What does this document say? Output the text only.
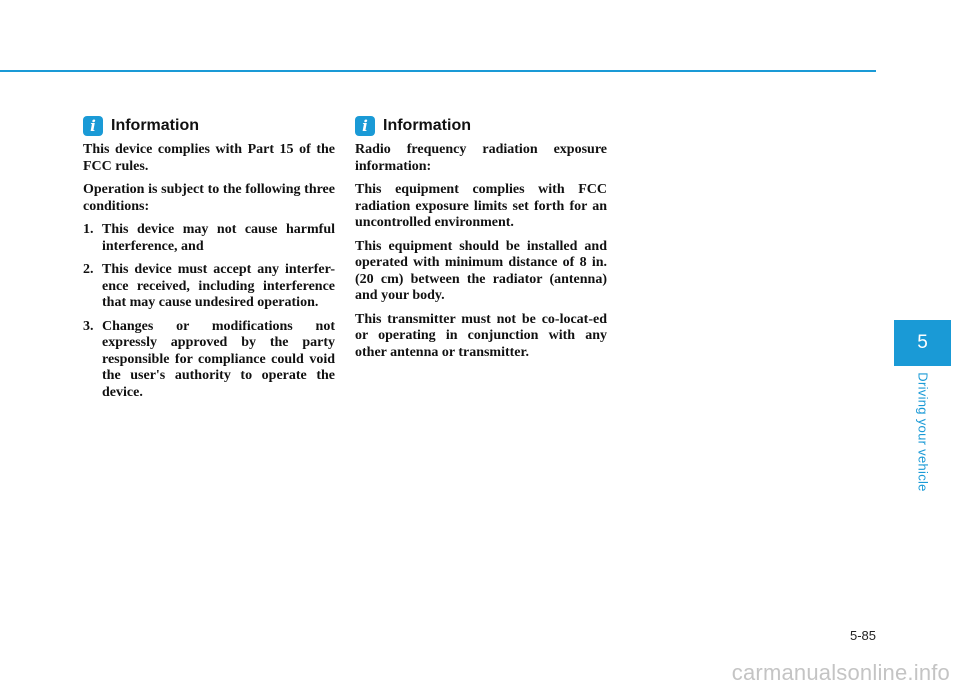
i Information

This device complies with Part 15 of the FCC rules.

Operation is subject to the following three conditions:

1. This device may not cause harmful interference, and
2. This device must accept any interfer-ence received, including interference that may cause undesired operation.
3. Changes or modifications not expressly approved by the party responsible for compliance could void the user's authority to operate the device.
i Information

Radio frequency radiation exposure information:

This equipment complies with FCC radiation exposure limits set forth for an uncontrolled environment.

This equipment should be installed and operated with minimum distance of 8 in. (20 cm) between the radiator (antenna) and your body.

This transmitter must not be co-locat-ed or operating in conjunction with any other antenna or transmitter.	5
Driving your vehicle
5-85
carmanualsonline.info
